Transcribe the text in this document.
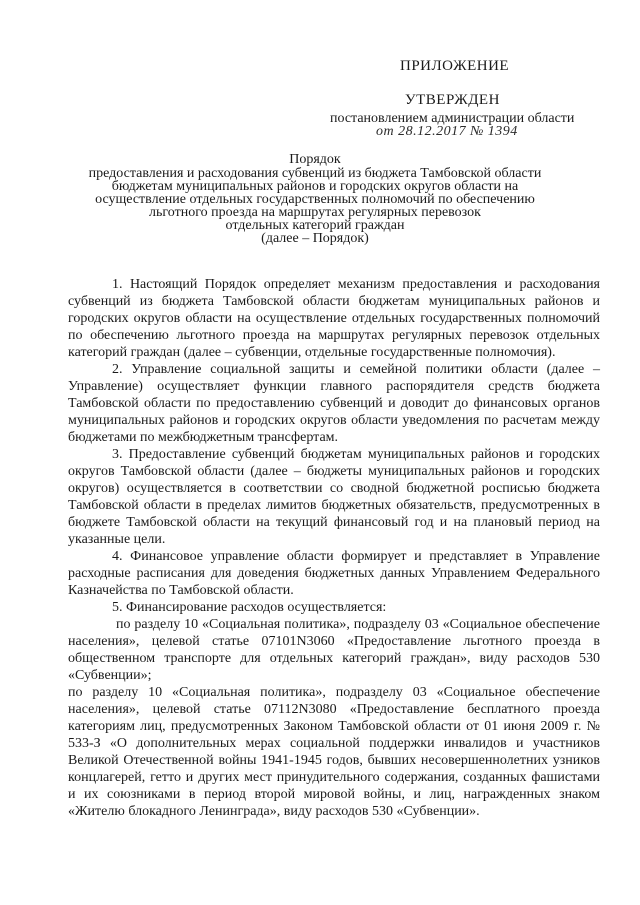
ПРИЛОЖЕНИЕ
УТВЕРЖДЕН
постановлением администрации области
от 28.12.2017 № 1394
Порядок
предоставления и расходования субвенций из бюджета Тамбовской области
бюджетам муниципальных районов и городских округов области на
осуществление отдельных государственных полномочий по обеспечению
льготного проезда на маршрутах регулярных перевозок
отдельных категорий граждан
(далее – Порядок)

1. Настоящий Порядок определяет механизм предоставления и расходования субвенций из бюджета Тамбовской области бюджетам муниципальных районов и городских округов области на осуществление отдельных государственных полномочий по обеспечению льготного проезда на маршрутах регулярных перевозок отдельных категорий граждан (далее – субвенции, отдельные государственные полномочия).

2. Управление социальной защиты и семейной политики области (далее – Управление) осуществляет функции главного распорядителя средств бюджета Тамбовской области по предоставлению субвенций и доводит до финансовых органов муниципальных районов и городских округов области уведомления по расчетам между бюджетами по межбюджетным трансфертам.

3. Предоставление субвенций бюджетам муниципальных районов и городских округов Тамбовской области (далее – бюджеты муниципальных районов и городских округов) осуществляется в соответствии со сводной бюджетной росписью бюджета Тамбовской области в пределах лимитов бюджетных обязательств, предусмотренных в бюджете Тамбовской области на текущий финансовый год и на плановый период на указанные цели.

4. Финансовое управление области формирует и представляет в Управление расходные расписания для доведения бюджетных данных Управлением Федерального Казначейства по Тамбовской области.

5. Финансирование расходов осуществляется:

по разделу 10 «Социальная политика», подразделу 03 «Социальное обеспечение населения», целевой статье 07101N3060 «Предоставление льготного проезда в общественном транспорте для отдельных категорий граждан», виду расходов 530 «Субвенции»;

по разделу 10 «Социальная политика», подразделу 03 «Социальное обеспечение населения», целевой статье 07112N3080 «Предоставление бесплатного проезда категориям лиц, предусмотренных Законом Тамбовской области от 01 июня 2009 г. № 533-З «О дополнительных мерах социальной поддержки инвалидов и участников Великой Отечественной войны 1941-1945 годов, бывших несовершеннолетних узников концлагерей, гетто и других мест принудительного содержания, созданных фашистами и их союзниками в период второй мировой войны, и лиц, награжденных знаком «Жителю блокадного Ленинграда», виду расходов 530 «Субвенции».
